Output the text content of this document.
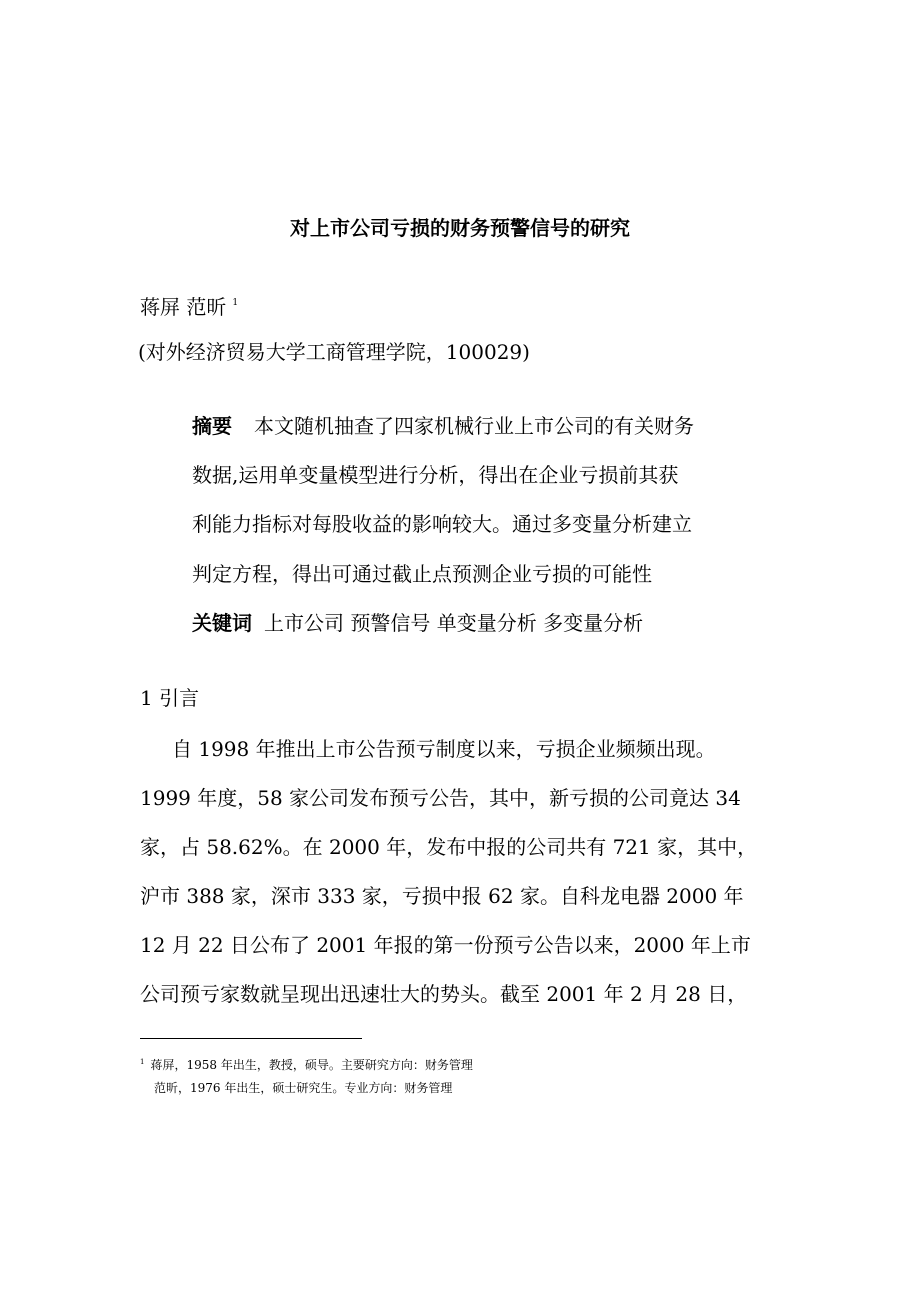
对上市公司亏损的财务预警信号的研究
蒋屏 范昕 $^1$
(对外经济贸易大学工商管理学院，100029)
摘要 本文随机抽查了四家机械行业上市公司的有关财务
数据,运用单变量模型进行分析，得出在企业亏损前其获
利能力指标对每股收益的影响较大。通过多变量分析建立
判定方程，得出可通过截止点预测企业亏损的可能性
关键词 上市公司 预警信号 单变量分析 多变量分析
1 引言
自 1998 年推出上市公告预亏制度以来，亏损企业频频出现。
1999 年度，58 家公司发布预亏公告，其中，新亏损的公司竟达 34
家，占 58.62%。在 2000 年，发布中报的公司共有 721 家，其中，
沪市 388 家，深市 333 家，亏损中报 62 家。自科龙电器 2000 年
12 月 22 日公布了 2001 年报的第一份预亏公告以来，2000 年上市
公司预亏家数就呈现出迅速壮大的势头。截至 2001 年 2 月 28 日，
$^1$ 蒋屏，1958 年出生，教授，硕导。主要研究方向：财务管理
范昕，1976 年出生，硕士研究生。专业方向：财务管理
